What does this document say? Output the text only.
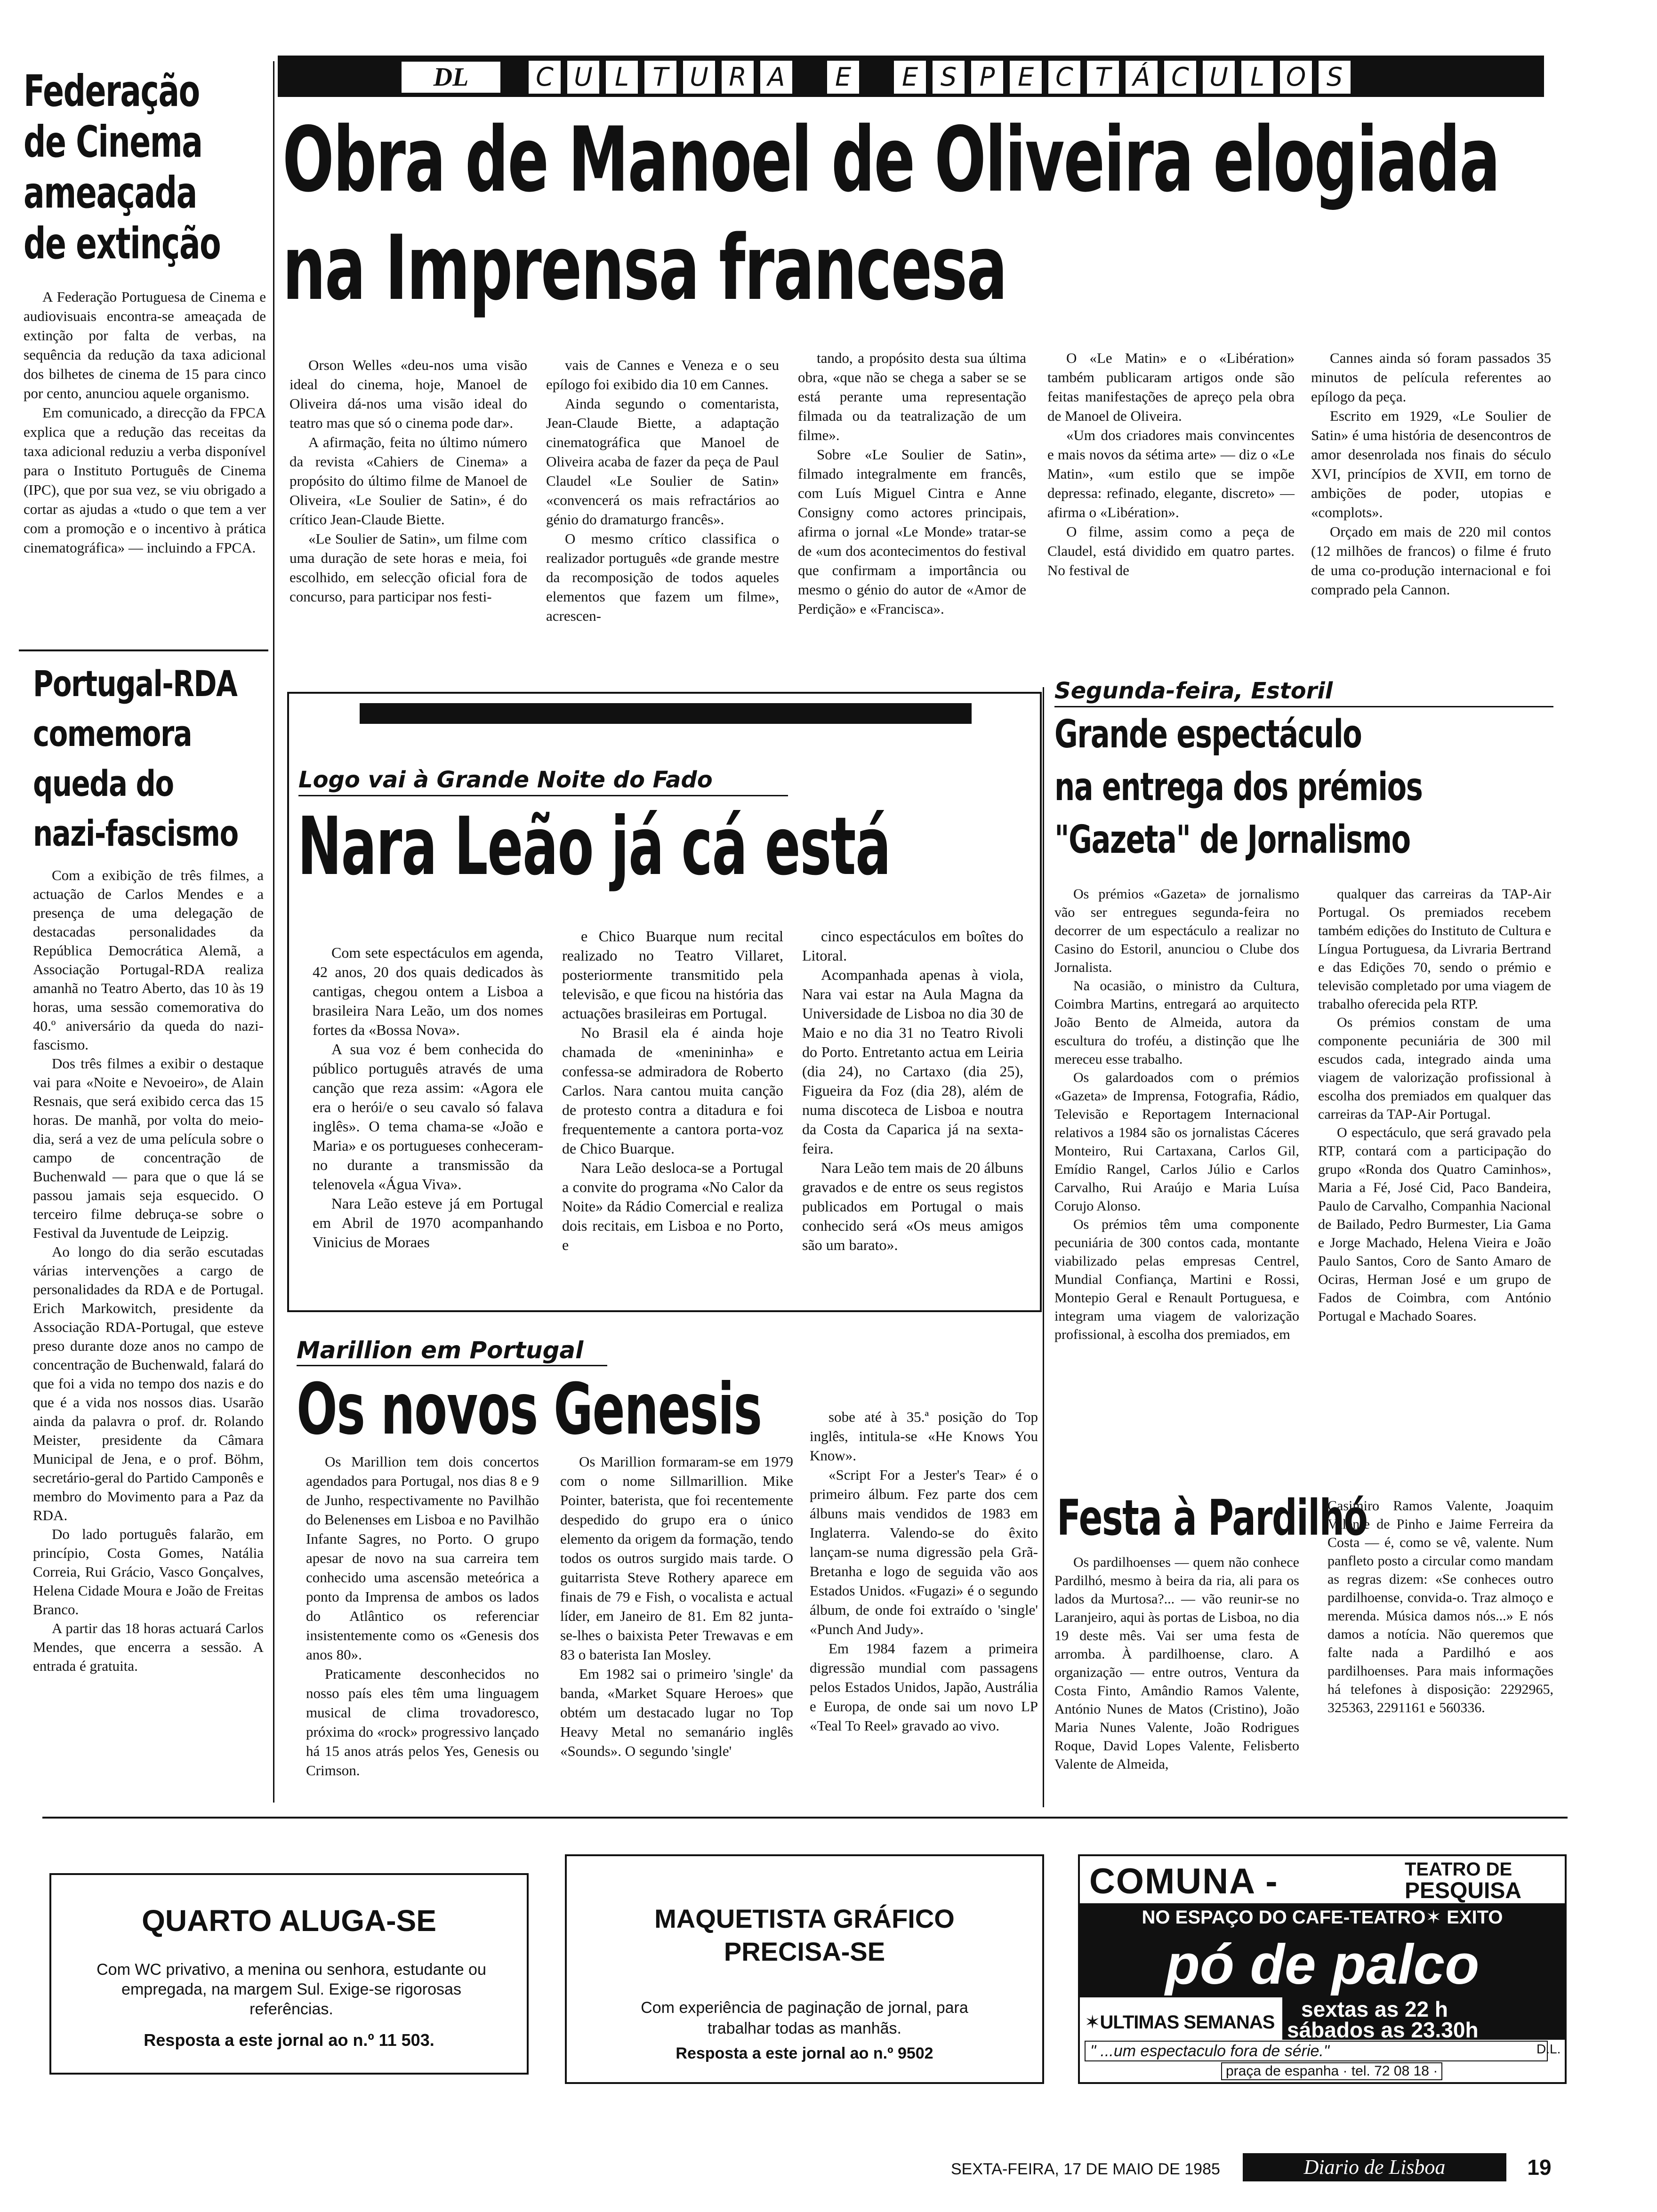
DL	C U L T U R A	E	E S P E C T Á C U L O S
Federação
de Cinema
ameaçada
de extinção

A Federação Portuguesa de Cinema e audiovisuais encontra-se ameaçada de extinção por falta de verbas, na sequência da redução da taxa adicional dos bilhetes de cinema de 15 para cinco por cento, anunciou aquele organismo.

Em comunicado, a direcção da FPCA explica que a redução das receitas da taxa adicional reduziu a verba disponível para o Instituto Português de Cinema (IPC), que por sua vez, se viu obrigado a cortar as ajudas a «tudo o que tem a ver com a promoção e o incentivo à prática cinematográfica» — incluindo a FPCA.

Portugal-RDA
comemora
queda do
nazi-fascismo

Com a exibição de três filmes, a actuação de Carlos Mendes e a presença de uma delegação de destacadas personalidades da República Democrática Alemã, a Associação Portugal-RDA realiza amanhã no Teatro Aberto, das 10 às 19 horas, uma sessão comemorativa do 40.º aniversário da queda do nazi-fascismo.

Dos três filmes a exibir o destaque vai para «Noite e Nevoeiro», de Alain Resnais, que será exibido cerca das 15 horas. De manhã, por volta do meio-dia, será a vez de uma película sobre o campo de concentração de Buchenwald — para que o que lá se passou jamais seja esquecido. O terceiro filme debruça-se sobre o Festival da Juventude de Leipzig.

Ao longo do dia serão escutadas várias intervenções a cargo de personalidades da RDA e de Portugal. Erich Markowitch, presidente da Associação RDA-Portugal, que esteve preso durante doze anos no campo de concentração de Buchenwald, falará do que foi a vida no tempo dos nazis e do que é a vida nos nossos dias. Usarão ainda da palavra o prof. dr. Rolando Meister, presidente da Câmara Municipal de Jena, e o prof. Böhm, secretário-geral do Partido Camponês e membro do Movimento para a Paz da RDA.

Do lado português falarão, em princípio, Costa Gomes, Natália Correia, Rui Grácio, Vasco Gonçalves, Helena Cidade Moura e João de Freitas Branco.

A partir das 18 horas actuará Carlos Mendes, que encerra a sessão. A entrada é gratuita.

Obra de Manoel de Oliveira elogiada
na Imprensa francesa

Orson Welles «deu-nos uma visão ideal do cinema, hoje, Manoel de Oliveira dá-nos uma visão ideal do teatro mas que só o cinema pode dar».

A afirmação, feita no último número da revista «Cahiers de Cinema» a propósito do último filme de Manoel de Oliveira, «Le Soulier de Satin», é do crítico Jean-Claude Biette.

«Le Soulier de Satin», um filme com uma duração de sete horas e meia, foi escolhido, em selecção oficial fora de concurso, para participar nos festi-

vais de Cannes e Veneza e o seu epílogo foi exibido dia 10 em Cannes.

Ainda segundo o comentarista, Jean-Claude Biette, a adaptação cinematográfica que Manoel de Oliveira acaba de fazer da peça de Paul Claudel «Le Soulier de Satin» «convencerá os mais refractários ao génio do dramaturgo francês».

O mesmo crítico classifica o realizador português «de grande mestre da recomposição de todos aqueles elementos que fazem um filme», acrescen-

tando, a propósito desta sua última obra, «que não se chega a saber se se está perante uma representação filmada ou da teatralização de um filme».

Sobre «Le Soulier de Satin», filmado integralmente em francês, com Luís Miguel Cintra e Anne Consigny como actores principais, afirma o jornal «Le Monde» tratar-se de «um dos acontecimentos do festival que confirmam a importância ou mesmo o génio do autor de «Amor de Perdição» e «Francisca».

O «Le Matin» e o «Libération» também publicaram artigos onde são feitas manifestações de apreço pela obra de Manoel de Oliveira.

«Um dos criadores mais convincentes e mais novos da sétima arte» — diz o «Le Matin», «um estilo que se impõe depressa: refinado, elegante, discreto» — afirma o «Libération».

O filme, assim como a peça de Claudel, está dividido em quatro partes. No festival de

Cannes ainda só foram passados 35 minutos de película referentes ao epílogo da peça.

Escrito em 1929, «Le Soulier de Satin» é uma história de desencontros de amor desenrolada nos finais do século XVI, princípios de XVII, em torno de ambições de poder, utopias e «complots».

Orçado em mais de 220 mil contos (12 milhões de francos) o filme é fruto de uma co-produção internacional e foi comprado pela Cannon.

Logo vai à Grande Noite do Fado
Nara Leão já cá está

Com sete espectáculos em agenda, 42 anos, 20 dos quais dedicados às cantigas, chegou ontem a Lisboa a brasileira Nara Leão, um dos nomes fortes da «Bossa Nova».

A sua voz é bem conhecida do público português através de uma canção que reza assim: «Agora ele era o herói/e o seu cavalo só falava inglês». O tema chama-se «João e Maria» e os portugueses conheceram-no durante a transmissão da telenovela «Água Viva».

Nara Leão esteve já em Portugal em Abril de 1970 acompanhando Vinicius de Moraes

e Chico Buarque num recital realizado no Teatro Villaret, posteriormente transmitido pela televisão, e que ficou na história das actuações brasileiras em Portugal.

No Brasil ela é ainda hoje chamada de «menininha» e confessa-se admiradora de Roberto Carlos. Nara cantou muita canção de protesto contra a ditadura e foi frequentemente a cantora porta-voz de Chico Buarque.

Nara Leão desloca-se a Portugal a convite do programa «No Calor da Noite» da Rádio Comercial e realiza dois recitais, em Lisboa e no Porto, e

cinco espectáculos em boîtes do Litoral.

Acompanhada apenas à viola, Nara vai estar na Aula Magna da Universidade de Lisboa no dia 30 de Maio e no dia 31 no Teatro Rivoli do Porto. Entretanto actua em Leiria (dia 24), no Cartaxo (dia 25), Figueira da Foz (dia 28), além de numa discoteca de Lisboa e noutra da Costa da Caparica já na sexta-feira.

Nara Leão tem mais de 20 álbuns gravados e de entre os seus registos publicados em Portugal o mais conhecido será «Os meus amigos são um barato».

Marillion em Portugal
Os novos Genesis

Os Marillion tem dois concertos agendados para Portugal, nos dias 8 e 9 de Junho, respectivamente no Pavilhão do Belenenses em Lisboa e no Pavilhão Infante Sagres, no Porto. O grupo apesar de novo na sua carreira tem conhecido uma ascensão meteórica a ponto da Imprensa de ambos os lados do Atlântico os referenciar insistentemente como os «Genesis dos anos 80».

Praticamente desconhecidos no nosso país eles têm uma linguagem musical de clima trovadoresco, próxima do «rock» progressivo lançado há 15 anos atrás pelos Yes, Genesis ou Crimson.

Os Marillion formaram-se em 1979 com o nome Sillmarillion. Mike Pointer, baterista, que foi recentemente despedido do grupo era o único elemento da origem da formação, tendo todos os outros surgido mais tarde. O guitarrista Steve Rothery aparece em finais de 79 e Fish, o vocalista e actual líder, em Janeiro de 81. Em 82 junta-se-lhes o baixista Peter Trewavas e em 83 o baterista Ian Mosley.

Em 1982 sai o primeiro 'single' da banda, «Market Square Heroes» que obtém um destacado lugar no Top Heavy Metal no semanário inglês «Sounds». O segundo 'single'

sobe até à 35.ª posição do Top inglês, intitula-se «He Knows You Know».

«Script For a Jester's Tear» é o primeiro álbum. Fez parte dos cem álbuns mais vendidos de 1983 em Inglaterra. Valendo-se do êxito lançam-se numa digressão pela Grã-Bretanha e logo de seguida vão aos Estados Unidos. «Fugazi» é o segundo álbum, de onde foi extraído o 'single' «Punch And Judy».

Em 1984 fazem a primeira digressão mundial com passagens pelos Estados Unidos, Japão, Austrália e Europa, de onde sai um novo LP «Teal To Reel» gravado ao vivo.

Segunda-feira, Estoril
Grande espectáculo
na entrega dos prémios
"Gazeta" de Jornalismo

Os prémios «Gazeta» de jornalismo vão ser entregues segunda-feira no decorrer de um espectáculo a realizar no Casino do Estoril, anunciou o Clube dos Jornalista.

Na ocasião, o ministro da Cultura, Coimbra Martins, entregará ao arquitecto João Bento de Almeida, autora da escultura do troféu, a distinção que lhe mereceu esse trabalho.

Os galardoados com o prémios «Gazeta» de Imprensa, Fotografia, Rádio, Televisão e Reportagem Internacional relativos a 1984 são os jornalistas Cáceres Monteiro, Rui Cartaxana, Carlos Gil, Emídio Rangel, Carlos Júlio e Carlos Carvalho, Rui Araújo e Maria Luísa Corujo Alonso.

Os prémios têm uma componente pecuniária de 300 contos cada, montante viabilizado pelas empresas Centrel, Mundial Confiança, Martini e Rossi, Montepio Geral e Renault Portuguesa, e integram uma viagem de valorização profissional, à escolha dos premiados, em

qualquer das carreiras da TAP-Air Portugal. Os premiados recebem também edições do Instituto de Cultura e Língua Portuguesa, da Livraria Bertrand e das Edições 70, sendo o prémio e televisão completado por uma viagem de trabalho oferecida pela RTP.

Os prémios constam de uma componente pecuniária de 300 mil escudos cada, integrado ainda uma viagem de valorização profissional à escolha dos premiados em qualquer das carreiras da TAP-Air Portugal.

O espectáculo, que será gravado pela RTP, contará com a participação do grupo «Ronda dos Quatro Caminhos», Maria a Fé, José Cid, Paco Bandeira, Paulo de Carvalho, Companhia Nacional de Bailado, Pedro Burmester, Lia Gama e Jorge Machado, Helena Vieira e João Paulo Santos, Coro de Santo Amaro de Ociras, Herman José e um grupo de Fados de Coimbra, com António Portugal e Machado Soares.

Festa à Pardilhó

Os pardilhoenses — quem não conhece Pardilhó, mesmo à beira da ria, ali para os lados da Murtosa?... — vão reunir-se no Laranjeiro, aqui às portas de Lisboa, no dia 19 deste mês. Vai ser uma festa de arromba. À pardilhoense, claro. A organização — entre outros, Ventura da Costa Finto, Amândio Ramos Valente, António Nunes de Matos (Cristino), João Maria Nunes Valente, João Rodrigues Roque, David Lopes Valente, Felisberto Valente de Almeida,

Casimiro Ramos Valente, Joaquim Valente de Pinho e Jaime Ferreira da Costa — é, como se vê, valente. Num panfleto posto a circular como mandam as regras dizem: «Se conheces outro pardilhoense, convida-o. Traz almoço e merenda. Música damos nós...» E nós damos a notícia. Não queremos que falte nada a Pardilhó e aos pardilhoenses. Para mais informações há telefones à disposição: 2292965, 325363, 2291161 e 560336.

QUARTO ALUGA-SE
Com WC privativo, a menina ou senhora, estudante ou empregada, na margem Sul. Exige-se rigorosas referências.
Resposta a este jornal ao n.º 11 503.
MAQUETISTA GRÁFICO
PRECISA-SE
Com experiência de paginação de jornal, para trabalhar todas as manhãs.
Resposta a este jornal ao n.º 9502
COMUNA -	TEATRO DE
PESQUISA
NO ESPAÇO DO CAFE-TEATRO✶ EXITO
pó de palco
sextas as 22 h
sábados as 23.30h
✶ULTIMAS SEMANAS
" ...um espectaculo fora de série."	D.L.
praça de espanha · tel. 72 08 18 ·
SEXTA-FEIRA, 17 DE MAIO DE 1985	Diario de Lisboa	19
